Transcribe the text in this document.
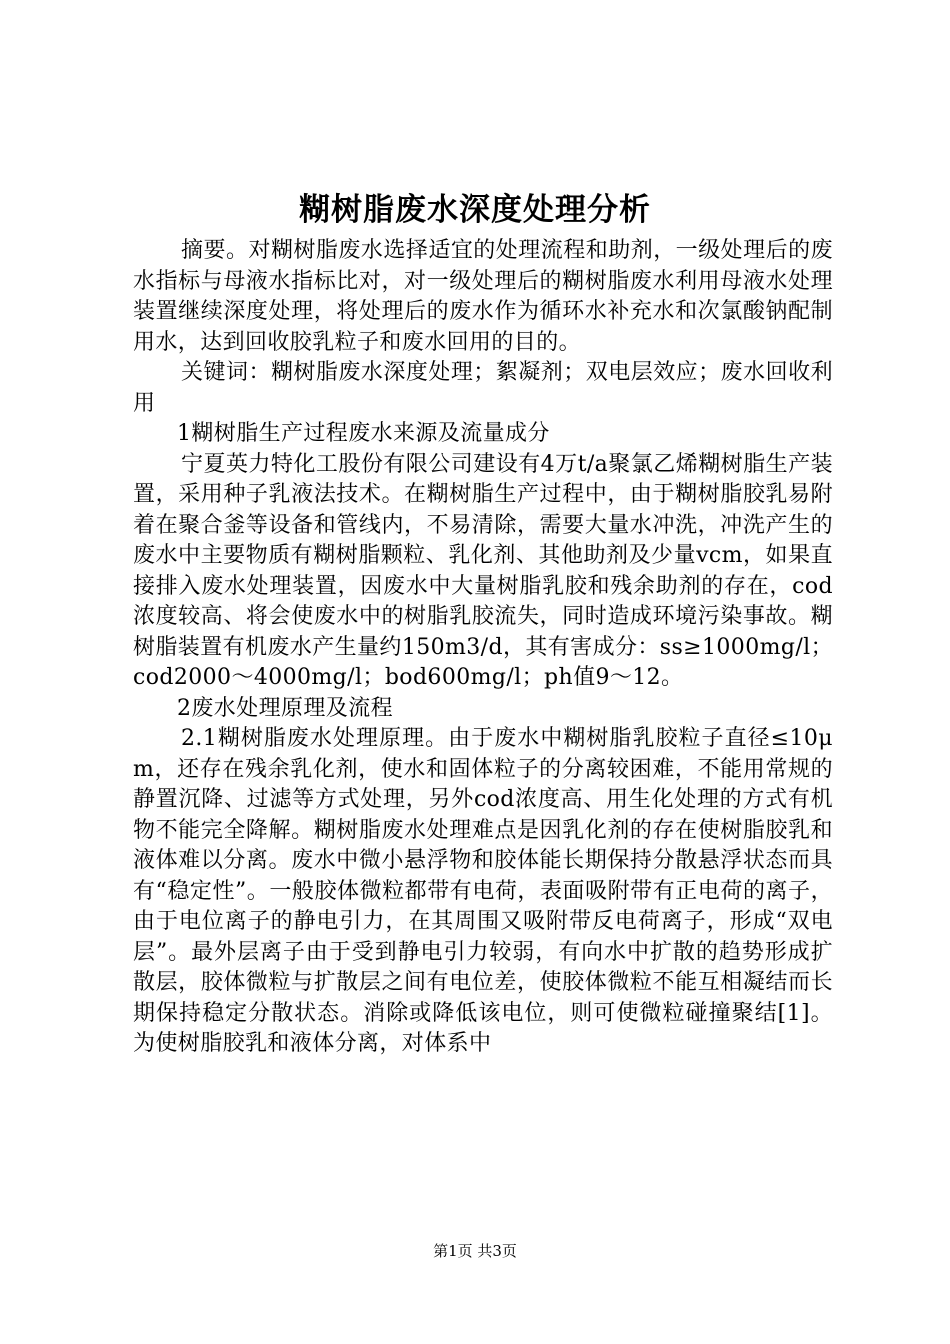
糊树脂废水深度处理分析

摘要。对糊树脂废水选择适宜的处理流程和助剂，一级处理后的废水指标与母液水指标比对，对一级处理后的糊树脂废水利用母液水处理装置继续深度处理，将处理后的废水作为循环水补充水和次氯酸钠配制用水，达到回收胶乳粒子和废水回用的目的。

关键词：糊树脂废水深度处理；絮凝剂；双电层效应；废水回收利用

1糊树脂生产过程废水来源及流量成分

宁夏英力特化工股份有限公司建设有4万t/a聚氯乙烯糊树脂生产装置，采用种子乳液法技术。在糊树脂生产过程中，由于糊树脂胶乳易附着在聚合釜等设备和管线内，不易清除，需要大量水冲洗，冲洗产生的废水中主要物质有糊树脂颗粒、乳化剂、其他助剂及少量vcm，如果直接排入废水处理装置，因废水中大量树脂乳胶和残余助剂的存在，cod浓度较高、将会使废水中的树脂乳胶流失，同时造成环境污染事故。糊树脂装置有机废水产生量约150m3/d，其有害成分：ss≥1000mg/l；cod2000～4000mg/l；bod600mg/l；ph值9～12。

2废水处理原理及流程

2.1糊树脂废水处理原理。由于废水中糊树脂乳胶粒子直径≤10μm，还存在残余乳化剂，使水和固体粒子的分离较困难，不能用常规的静置沉降、过滤等方式处理，另外cod浓度高、用生化处理的方式有机物不能完全降解。糊树脂废水处理难点是因乳化剂的存在使树脂胶乳和液体难以分离。废水中微小悬浮物和胶体能长期保持分散悬浮状态而具有“稳定性”。一般胶体微粒都带有电荷，表面吸附带有正电荷的离子，由于电位离子的静电引力，在其周围又吸附带反电荷离子，形成“双电层”。最外层离子由于受到静电引力较弱，有向水中扩散的趋势形成扩散层，胶体微粒与扩散层之间有电位差，使胶体微粒不能互相凝结而长期保持稳定分散状态。消除或降低该电位，则可使微粒碰撞聚结[1]。为使树脂胶乳和液体分离，对体系中

第1页 共3页
